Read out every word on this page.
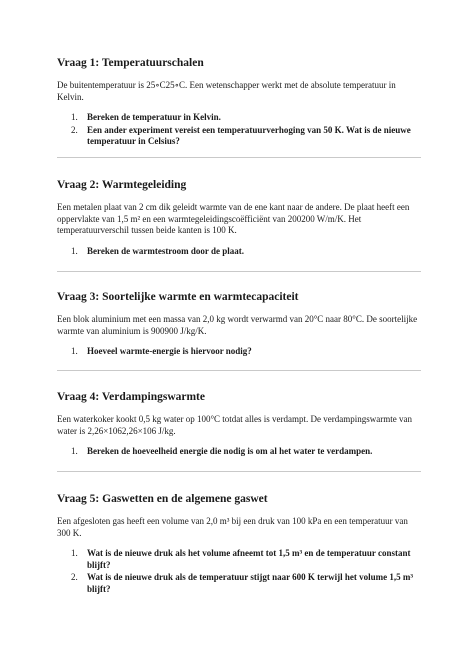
Vraag 1: Temperatuurschalen

De buitentemperatuur is 25∘C25∘C. Een wetenschapper werkt met de absolute temperatuur in Kelvin.

1. Bereken de temperatuur in Kelvin.
2. Een ander experiment vereist een temperatuurverhoging van 50 K. Wat is de nieuwe temperatuur in Celsius?
Vraag 2: Warmtegeleiding

Een metalen plaat van 2 cm dik geleidt warmte van de ene kant naar de andere. De plaat heeft een oppervlakte van 1,5 m² en een warmtegeleidingscoëfficiënt van 200200 W/m/K. Het temperatuurverschil tussen beide kanten is 100 K.

1. Bereken de warmtestroom door de plaat.
Vraag 3: Soortelijke warmte en warmtecapaciteit

Een blok aluminium met een massa van 2,0 kg wordt verwarmd van 20°C naar 80°C. De soortelijke warmte van aluminium is 900900 J/kg/K.

1. Hoeveel warmte-energie is hiervoor nodig?
Vraag 4: Verdampingswarmte

Een waterkoker kookt 0,5 kg water op 100°C totdat alles is verdampt. De verdampingswarmte van water is 2,26×1062,26×106 J/kg.

1. Bereken de hoeveelheid energie die nodig is om al het water te verdampen.
Vraag 5: Gaswetten en de algemene gaswet

Een afgesloten gas heeft een volume van 2,0 m³ bij een druk van 100 kPa en een temperatuur van 300 K.

1. Wat is de nieuwe druk als het volume afneemt tot 1,5 m³ en de temperatuur constant blijft?
2. Wat is de nieuwe druk als de temperatuur stijgt naar 600 K terwijl het volume 1,5 m³ blijft?
